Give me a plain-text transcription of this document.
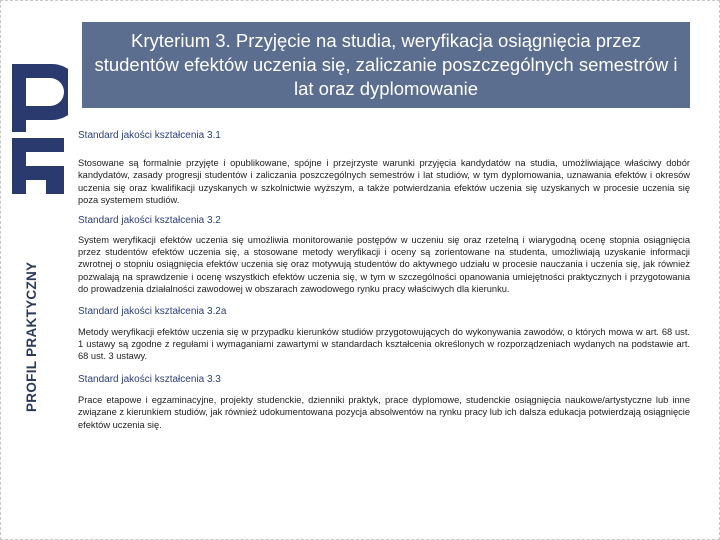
Kryterium 3. Przyjęcie na studia, weryfikacja osiągnięcia przez studentów efektów uczenia się, zaliczanie poszczególnych semestrów i lat oraz dyplomowanie
PROFIL PRAKTYCZNY

Standard jakości kształcenia 3.1

Stosowane są formalnie przyjęte i opublikowane, spójne i przejrzyste warunki przyjęcia kandydatów na studia, umożliwiające właściwy dobór kandydatów, zasady progresji studentów i zaliczania poszczególnych semestrów i lat studiów, w tym dyplomowania, uznawania efektów i okresów uczenia się oraz kwalifikacji uzyskanych w szkolnictwie wyższym, a także potwierdzania efektów uczenia się uzyskanych w procesie uczenia się poza systemem studiów.

Standard jakości kształcenia 3.2

System weryfikacji efektów uczenia się umożliwia monitorowanie postępów w uczeniu się oraz rzetelną i wiarygodną ocenę stopnia osiągnięcia przez studentów efektów uczenia się, a stosowane metody weryfikacji i oceny są zorientowane na studenta, umożliwiają uzyskanie informacji zwrotnej o stopniu osiągnięcia efektów uczenia się oraz motywują studentów do aktywnego udziału w procesie nauczania i uczenia się, jak również pozwalają na sprawdzenie i ocenę wszystkich efektów uczenia się, w tym w szczególności opanowania umiejętności praktycznych i przygotowania do prowadzenia działalności zawodowej w obszarach zawodowego rynku pracy właściwych dla kierunku.

Standard jakości kształcenia 3.2a

Metody weryfikacji efektów uczenia się w przypadku kierunków studiów przygotowujących do wykonywania zawodów, o których mowa w art. 68 ust. 1 ustawy są zgodne z regułami i wymaganiami zawartymi w standardach kształcenia określonych w rozporządzeniach wydanych na podstawie art. 68 ust. 3 ustawy.

Standard jakości kształcenia 3.3

Prace etapowe i egzaminacyjne, projekty studenckie, dzienniki praktyk, prace dyplomowe, studenckie osiągnięcia naukowe/artystyczne lub inne związane z kierunkiem studiów, jak również udokumentowana pozycja absolwentów na rynku pracy lub ich dalsza edukacja potwierdzają osiągnięcie efektów uczenia się.
